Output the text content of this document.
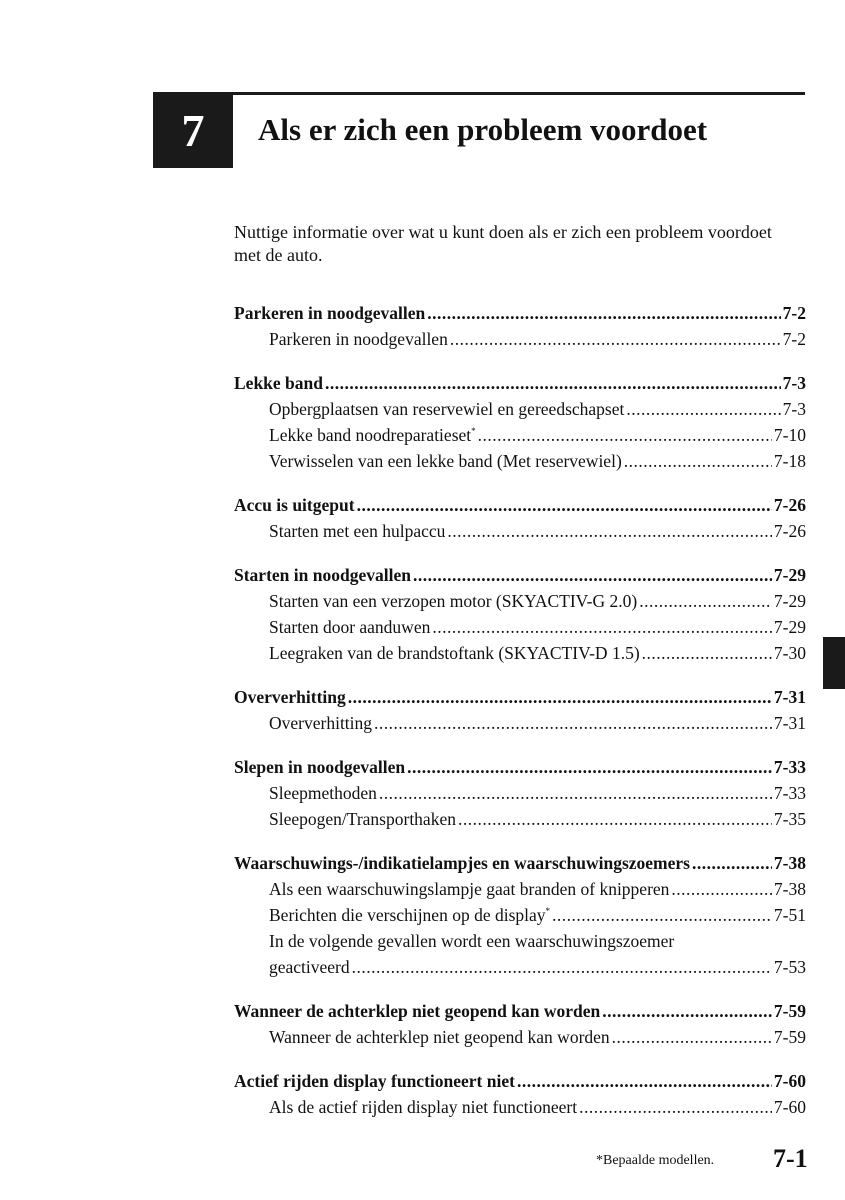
7 Als er zich een probleem voordoet
Nuttige informatie over wat u kunt doen als er zich een probleem voordoet met de auto.
Parkeren in noodgevallen .....	7-2
Parkeren in noodgevallen .....	7-2
Lekke band .....	7-3
Opbergplaatsen van reservewiel en gereedschapset .....	7-3
Lekke band noodreparatieset* .....	7-10
Verwisselen van een lekke band (Met reservewiel) .....	7-18
Accu is uitgeput .....	7-26
Starten met een hulpaccu .....	7-26
Starten in noodgevallen .....	7-29
Starten van een verzopen motor (SKYACTIV-G 2.0) .....	7-29
Starten door aanduwen .....	7-29
Leegraken van de brandstoftank (SKYACTIV-D 1.5) .....	7-30
Oververhitting .....	7-31
Oververhitting .....	7-31
Slepen in noodgevallen .....	7-33
Sleepmethoden .....	7-33
Sleepogen/Transporthaken .....	7-35
Waarschuwings-/indikatielampjes en waarschuwingszoemers .....	7-38
Als een waarschuwingslampje gaat branden of knipperen .....	7-38
Berichten die verschijnen op de display* .....	7-51
In de volgende gevallen wordt een waarschuwingszoemer
geactiveerd .....	7-53
Wanneer de achterklep niet geopend kan worden .....	7-59
Wanneer de achterklep niet geopend kan worden .....	7-59
Actief rijden display functioneert niet .....	7-60
Als de actief rijden display niet functioneert .....	7-60
*Bepaalde modellen. 7-1
